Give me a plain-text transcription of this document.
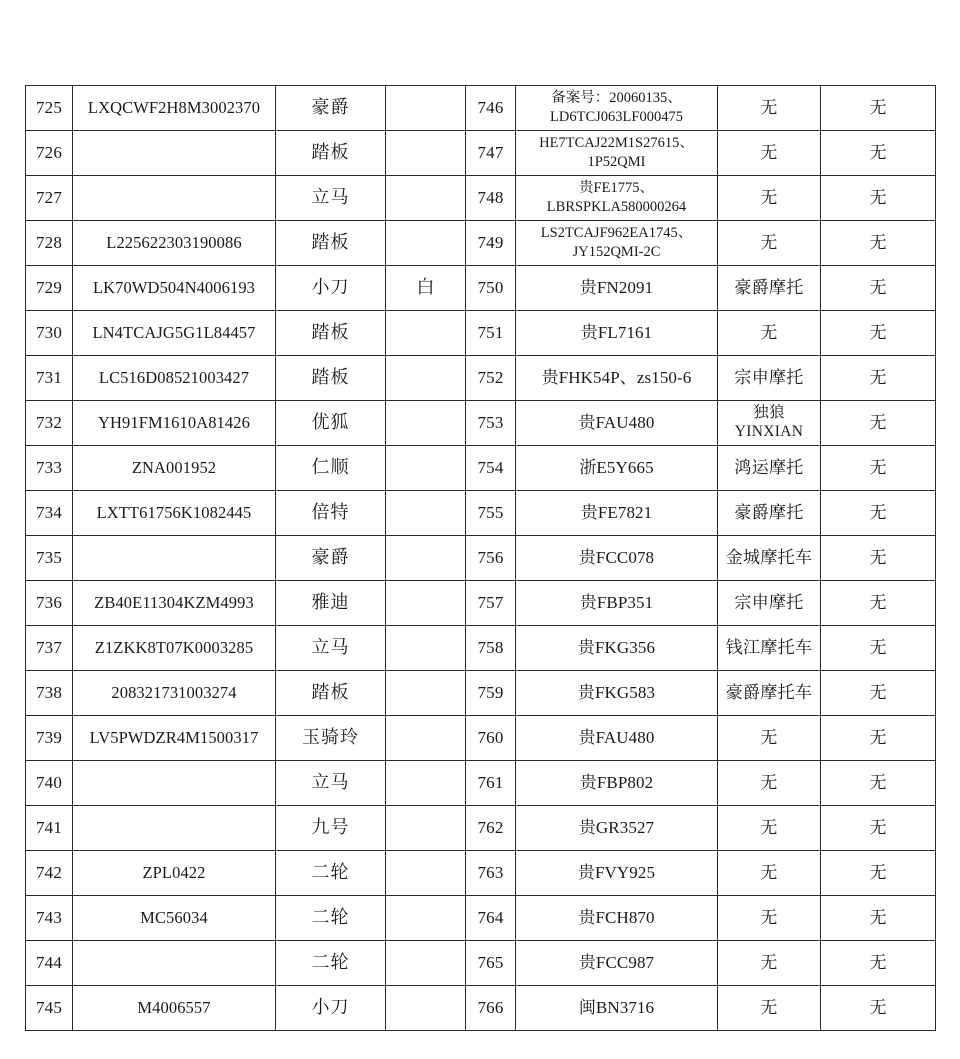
725	LXQCWF2H8M3002370	豪爵		746	备案号：20060135、
LD6TCJ063LF000475	无	无
726		踏板		747	HE7TCAJ22M1S27615、
1P52QMI	无	无
727		立马		748	贵FE1775、
LBRSPKLA580000264	无	无
728	L225622303190086	踏板		749	LS2TCAJF962EA1745、
JY152QMI-2C	无	无
729	LK70WD504N4006193	小刀	白	750	贵FN2091	豪爵摩托	无
730	LN4TCAJG5G1L84457	踏板		751	贵FL7161	无	无
731	LC516D08521003427	踏板		752	贵FHK54P、zs150-6	宗申摩托	无
732	YH91FM1610A81426	优狐		753	贵FAU480	独狼
YINXIAN	无
733	ZNA001952	仁顺		754	浙E5Y665	鸿运摩托	无
734	LXTT61756K1082445	倍特		755	贵FE7821	豪爵摩托	无
735		豪爵		756	贵FCC078	金城摩托车	无
736	ZB40E11304KZM4993	雅迪		757	贵FBP351	宗申摩托	无
737	Z1ZKK8T07K0003285	立马		758	贵FKG356	钱江摩托车	无
738	208321731003274	踏板		759	贵FKG583	豪爵摩托车	无
739	LV5PWDZR4M1500317	玉骑玲		760	贵FAU480	无	无
740		立马		761	贵FBP802	无	无
741		九号		762	贵GR3527	无	无
742	ZPL0422	二轮		763	贵FVY925	无	无
743	MC56034	二轮		764	贵FCH870	无	无
744		二轮		765	贵FCC987	无	无
745	M4006557	小刀		766	闽BN3716	无	无
